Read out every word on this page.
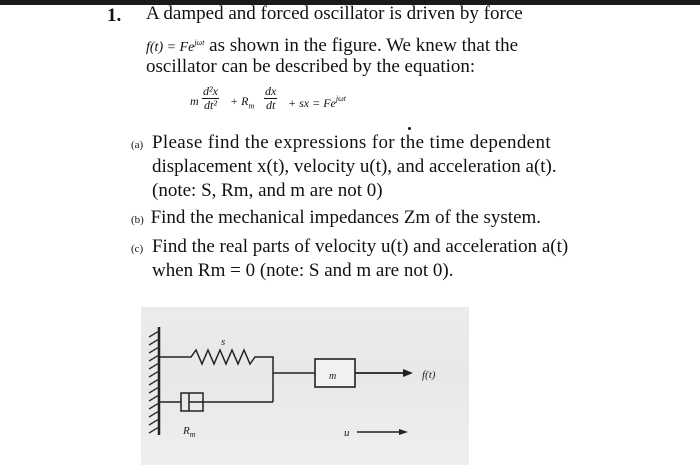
1. A damped and forced oscillator is driven by force
$f(t) = Fe^{j\omega t}$ as shown in the figure. We knew that the
oscillator can be described by the equation:
m $\frac{\text{d²x}}{\text{dt²}} + R_m \frac{dx}{dt}$ + sx = $Fe^{j\omega t}$
(a) Please find the expressions for the time dependent
displacement x(t), velocity u(t), and acceleration a(t).
(note: S, Rm, and m are not 0)
(b) Find the mechanical impedances Zm of the system.
(c) Find the real parts of velocity u(t) and acceleration a(t)
when Rm = 0 (note: S and m are not 0).
s
m	f(t)
$R_m$	u
